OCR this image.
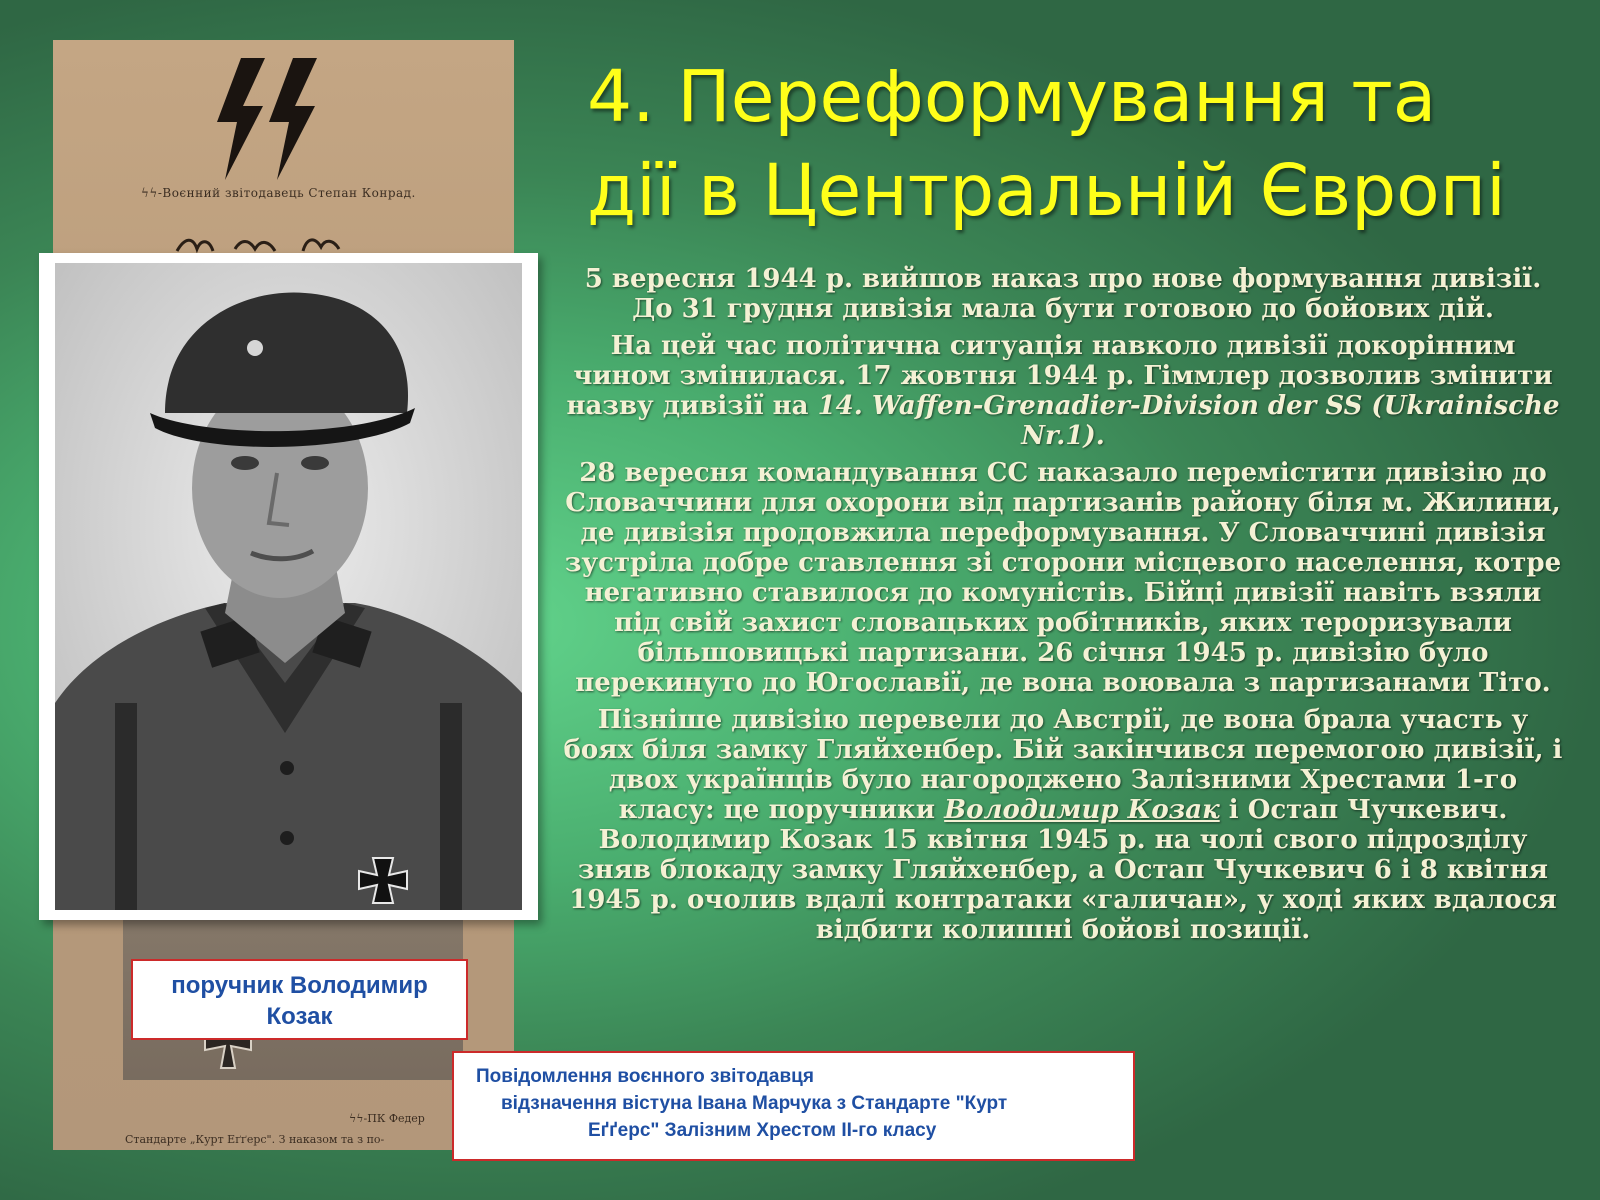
ϟϟ-Воєнний звітодавець Степан Конрад.
ϟϟ-ПК Федер
Стандарте „Курт Еґґерс". З наказом та з по-
поручник Володимир
Козак
Повідомлення воєнного звітодавця
відзначення вістуна Івана Марчука з Стандарте "Курт
Еґґерс" Залізним Хрестом ІІ-го класу
4. Переформування та
дії в Центральній Європі

5 вересня 1944 р. вийшов наказ про нове формування дивізії. До 31 грудня дивізія мала бути готовою до бойових дій.

На цей час політична ситуація навколо дивізії докорінним чином змінилася. 17 жовтня 1944 р. Гіммлер дозволив змінити назву дивізії на 14. Waffen-Grenadier-Division der SS (Ukrainische Nr.1).

28 вересня командування СС наказало перемістити дивізію до Словаччини для охорони від партизанів району біля м. Жилини, де дивізія продовжила переформування. У Словаччині дивізія зустріла добре ставлення зі сторони місцевого населення, котре негативно ставилося до комуністів. Бійці дивізії навіть взяли під свій захист словацьких робітників, яких тероризували більшовицькі партизани. 26 січня 1945 р. дивізію було перекинуто до Югославії, де вона воювала з партизанами Тіто.

Пізніше дивізію перевели до Австрії, де вона брала участь у боях біля замку Гляйхенбер. Бій закінчився перемогою дивізії, і двох українців було нагороджено Залізними Хрестами 1-го класу: це поручники Володимир Козак і Остап Чучкевич. Володимир Козак 15 квітня 1945 р. на чолі свого підрозділу зняв блокаду замку Гляйхенбер, а Остап Чучкевич 6 і 8 квітня 1945 р. очолив вдалі контратаки «галичан», у ході яких вдалося відбити колишні бойові позиції.
